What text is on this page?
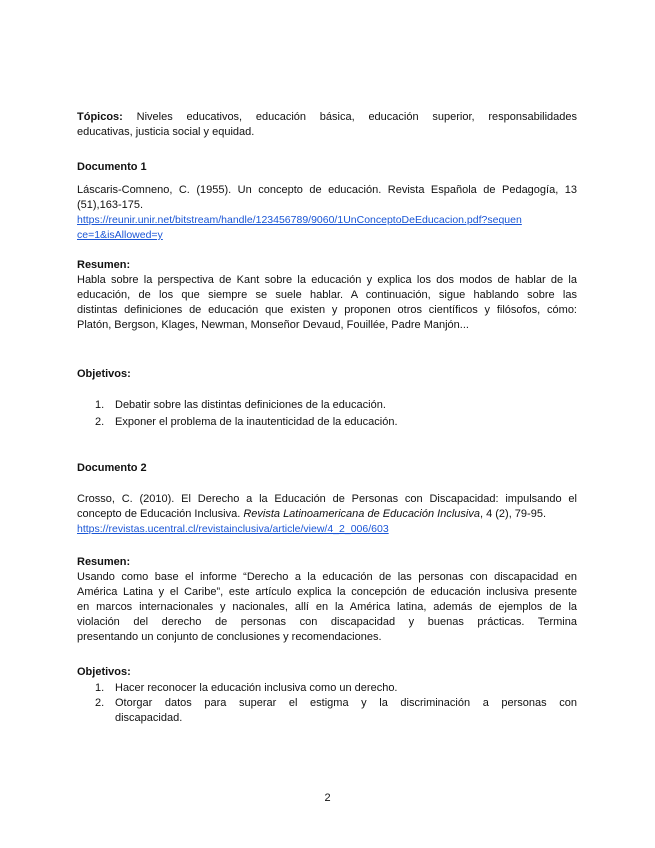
Tópicos: Niveles educativos, educación básica, educación superior, responsabilidades
educativas, justicia social y equidad.
Documento 1
Láscaris-Comneno, C. (1955). Un concepto de educación. Revista Española de Pedagogía, 13
(51),163-175.
https://reunir.unir.net/bitstream/handle/123456789/9060/1UnConceptoDeEducacion.pdf?sequen
ce=1&isAllowed=y
Resumen:
Habla sobre la perspectiva de Kant sobre la educación y explica los dos modos de hablar de la
educación, de los que siempre se suele hablar. A continuación, sigue hablando sobre las
distintas definiciones de educación que existen y proponen otros científicos y filósofos, cómo:
Platón, Bergson, Klages, Newman, Monseñor Devaud, Fouillée, Padre Manjón...
Objetivos:
1. Debatir sobre las distintas definiciones de la educación.
2. Exponer el problema de la inautenticidad de la educación.
Documento 2
Crosso, C. (2010). El Derecho a la Educación de Personas con Discapacidad: impulsando el
concepto de Educación Inclusiva. Revista Latinoamericana de Educación Inclusiva, 4 (2), 79-95.
https://revistas.ucentral.cl/revistainclusiva/article/view/4_2_006/603
Resumen:
Usando como base el informe “Derecho a la educación de las personas con discapacidad en
América Latina y el Caribe”, este artículo explica la concepción de educación inclusiva presente
en marcos internacionales y nacionales, allí en la América latina, además de ejemplos de la
violación del derecho de personas con discapacidad y buenas prácticas. Termina
presentando un conjunto de conclusiones y recomendaciones.
Objetivos:
1. Hacer reconocer la educación inclusiva como un derecho.
2. Otorgar datos para superar el estigma y la discriminación a personas con
discapacidad.
2
